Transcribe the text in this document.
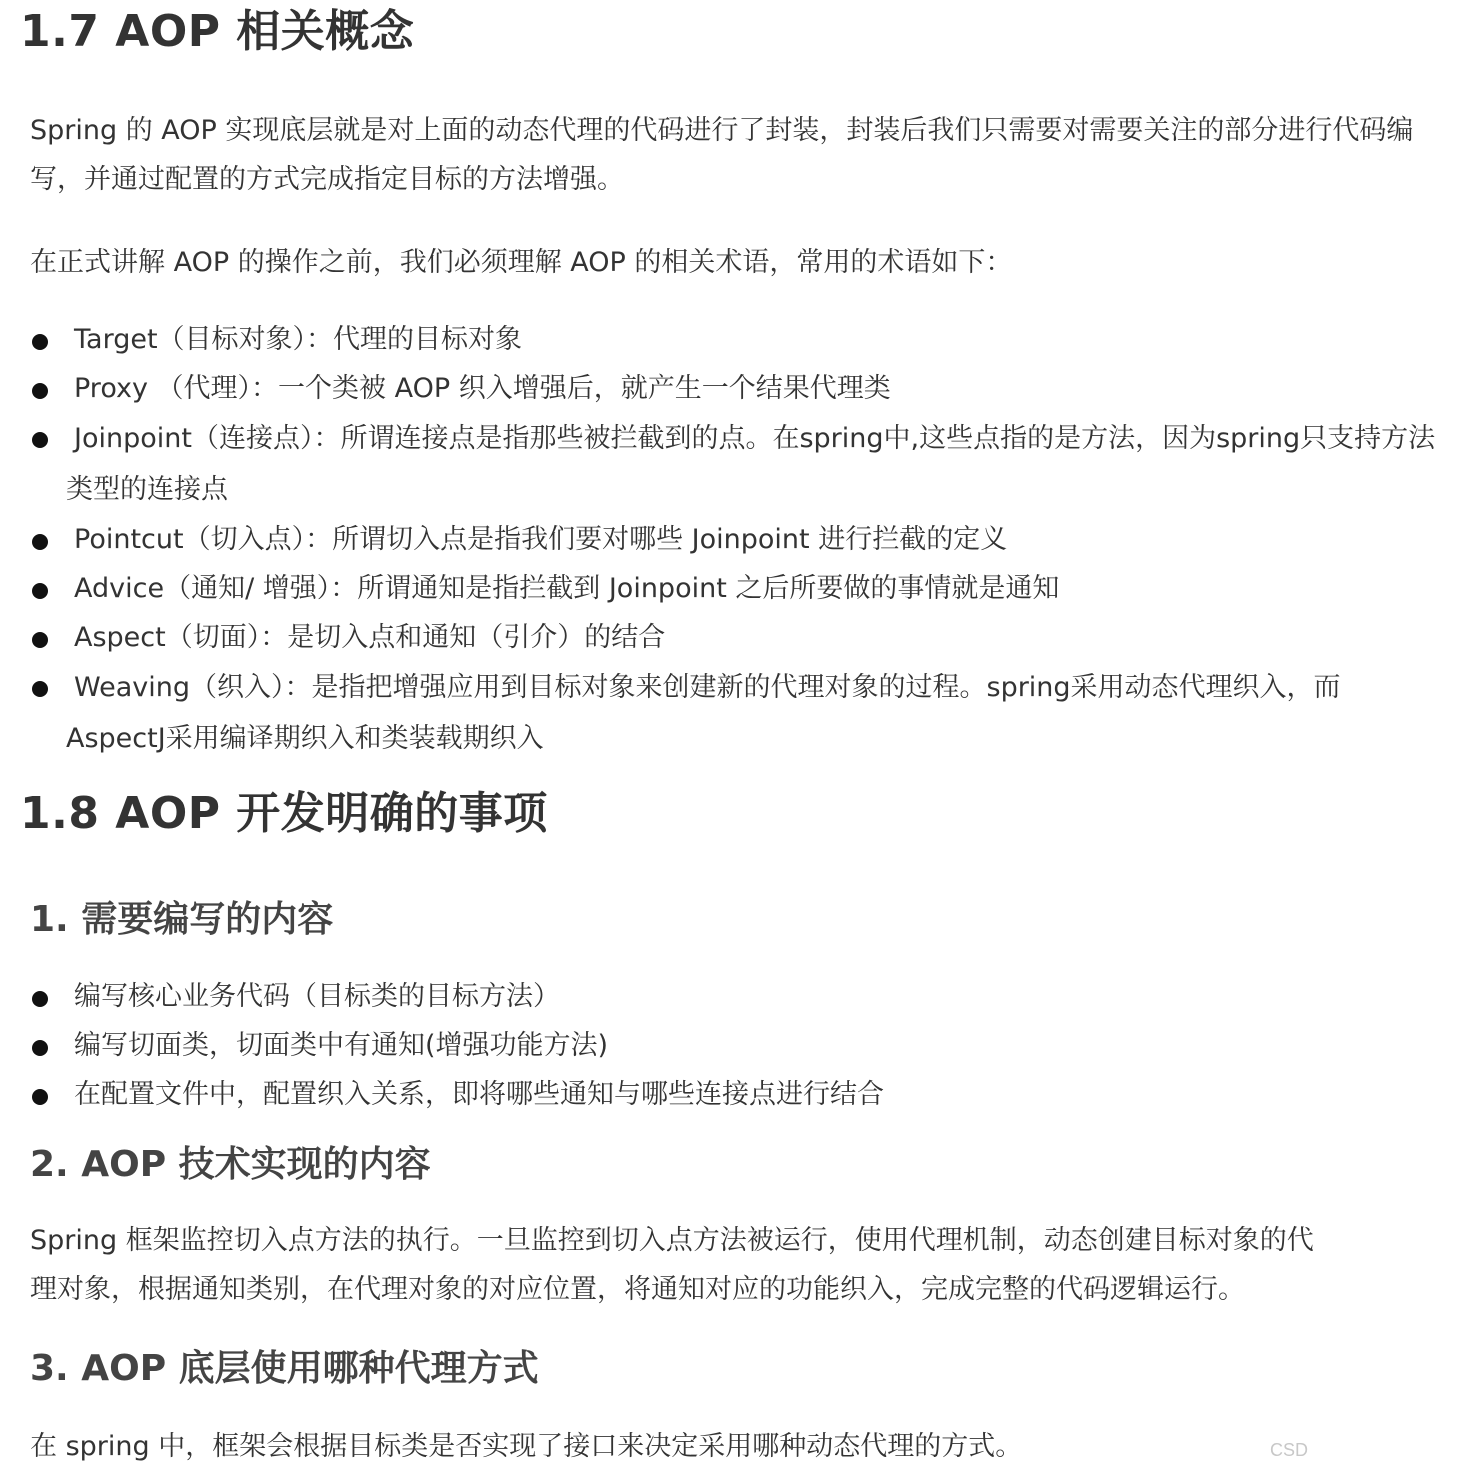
1.7 AOP 相关概念
Spring 的 AOP 实现底层就是对上面的动态代理的代码进行了封装，封装后我们只需要对需要关注的部分进行代码编写，并通过配置的方式完成指定目标的方法增强。
在正式讲解 AOP 的操作之前，我们必须理解 AOP 的相关术语，常用的术语如下：
Target（目标对象）：代理的目标对象
Proxy （代理）：一个类被 AOP 织入增强后，就产生一个结果代理类
Joinpoint（连接点）：所谓连接点是指那些被拦截到的点。在spring中,这些点指的是方法，因为spring只支持方法类型的连接点
Pointcut（切入点）：所谓切入点是指我们要对哪些 Joinpoint 进行拦截的定义
Advice（通知/ 增强）：所谓通知是指拦截到 Joinpoint 之后所要做的事情就是通知
Aspect（切面）：是切入点和通知（引介）的结合
Weaving（织入）：是指把增强应用到目标对象来创建新的代理对象的过程。spring采用动态代理织入，而AspectJ采用编译期织入和类装载期织入
1.8 AOP 开发明确的事项
1. 需要编写的内容
编写核心业务代码（目标类的目标方法）
编写切面类，切面类中有通知(增强功能方法)
在配置文件中，配置织入关系，即将哪些通知与哪些连接点进行结合
2. AOP 技术实现的内容
Spring 框架监控切入点方法的执行。一旦监控到切入点方法被运行，使用代理机制，动态创建目标对象的代理对象，根据通知类别，在代理对象的对应位置，将通知对应的功能织入，完成完整的代码逻辑运行。
3. AOP 底层使用哪种代理方式
在 spring 中，框架会根据目标类是否实现了接口来决定采用哪种动态代理的方式。	CSD
